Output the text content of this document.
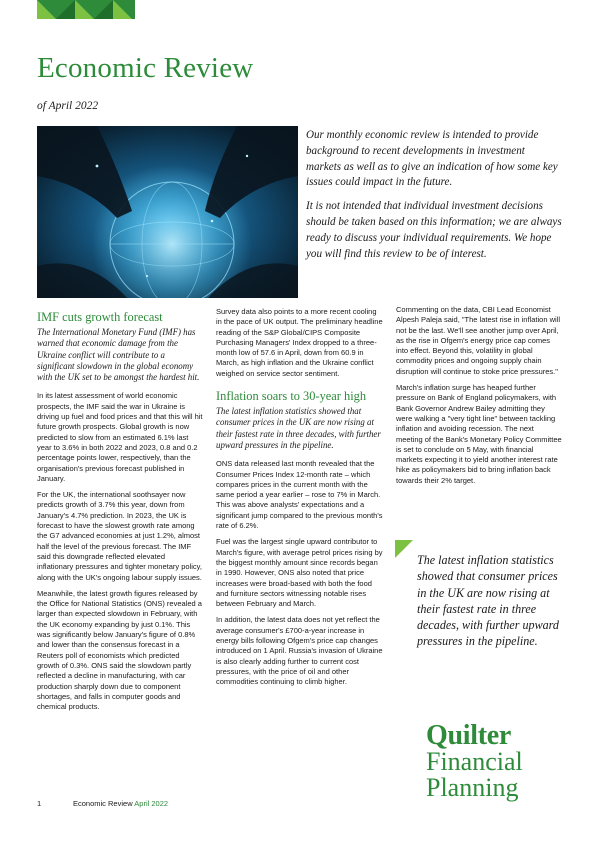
Economic Review
of April 2022

Our monthly economic review is intended to provide background to recent developments in investment markets as well as to give an indication of how some key issues could impact in the future.

It is not intended that individual investment decisions should be taken based on this information; we are always ready to discuss your individual requirements. We hope you will find this review to be of interest.

IMF cuts growth forecast
The International Monetary Fund (IMF) has warned that economic damage from the Ukraine conflict will contribute to a significant slowdown in the global economy with the UK set to be amongst the hardest hit.

In its latest assessment of world economic prospects, the IMF said the war in Ukraine is driving up fuel and food prices and that this will hit future growth prospects. Global growth is now predicted to slow from an estimated 6.1% last year to 3.6% in both 2022 and 2023, 0.8 and 0.2 percentage points lower, respectively, than the organisation's previous forecast published in January.

For the UK, the international soothsayer now predicts growth of 3.7% this year, down from January's 4.7% prediction. In 2023, the UK is forecast to have the slowest growth rate among the G7 advanced economies at just 1.2%, almost half the level of the previous forecast. The IMF said this downgrade reflected elevated inflationary pressures and tighter monetary policy, along with the UK's ongoing labour supply issues.

Meanwhile, the latest growth figures released by the Office for National Statistics (ONS) revealed a larger than expected slowdown in February, with the UK economy expanding by just 0.1%. This was significantly below January's figure of 0.8% and lower than the consensus forecast in a Reuters poll of economists which predicted growth of 0.3%. ONS said the slowdown partly reflected a decline in manufacturing, with car production sharply down due to component shortages, and falls in computer goods and chemical products.

Survey data also points to a more recent cooling in the pace of UK output. The preliminary headline reading of the S&P Global/CIPS Composite Purchasing Managers' Index dropped to a three-month low of 57.6 in April, down from 60.9 in March, as high inflation and the Ukraine conflict weighed on service sector sentiment.

Inflation soars to 30-year high
The latest inflation statistics showed that consumer prices in the UK are now rising at their fastest rate in three decades, with further upward pressures in the pipeline.

ONS data released last month revealed that the Consumer Prices Index 12-month rate – which compares prices in the current month with the same period a year earlier – rose to 7% in March. This was above analysts' expectations and a significant jump compared to the previous month's rate of 6.2%.

Fuel was the largest single upward contributor to March's figure, with average petrol prices rising by the biggest monthly amount since records began in 1990. However, ONS also noted that price increases were broad-based with both the food and furniture sectors witnessing notable rises between February and March.

In addition, the latest data does not yet reflect the average consumer's £700-a-year increase in energy bills following Ofgem's price cap changes introduced on 1 April. Russia's invasion of Ukraine is also clearly adding further to current cost pressures, with the price of oil and other commodities continuing to climb higher.

Commenting on the data, CBI Lead Economist Alpesh Paleja said, "The latest rise in inflation will not be the last. We'll see another jump over April, as the rise in Ofgem's energy price cap comes into effect. Beyond this, volatility in global commodity prices and ongoing supply chain disruption will continue to stoke price pressures."

March's inflation surge has heaped further pressure on Bank of England policymakers, with Bank Governor Andrew Bailey admitting they were walking a "very tight line" between tackling inflation and avoiding recession. The next meeting of the Bank's Monetary Policy Committee is set to conclude on 5 May, with financial markets expecting it to yield another interest rate hike as policymakers bid to bring inflation back towards their 2% target.

The latest inflation statistics showed that consumer prices in the UK are now rising at their fastest rate in three decades, with further upward pressures in the pipeline.
Quilter
Financial
Planning
1	Economic Review April 2022
